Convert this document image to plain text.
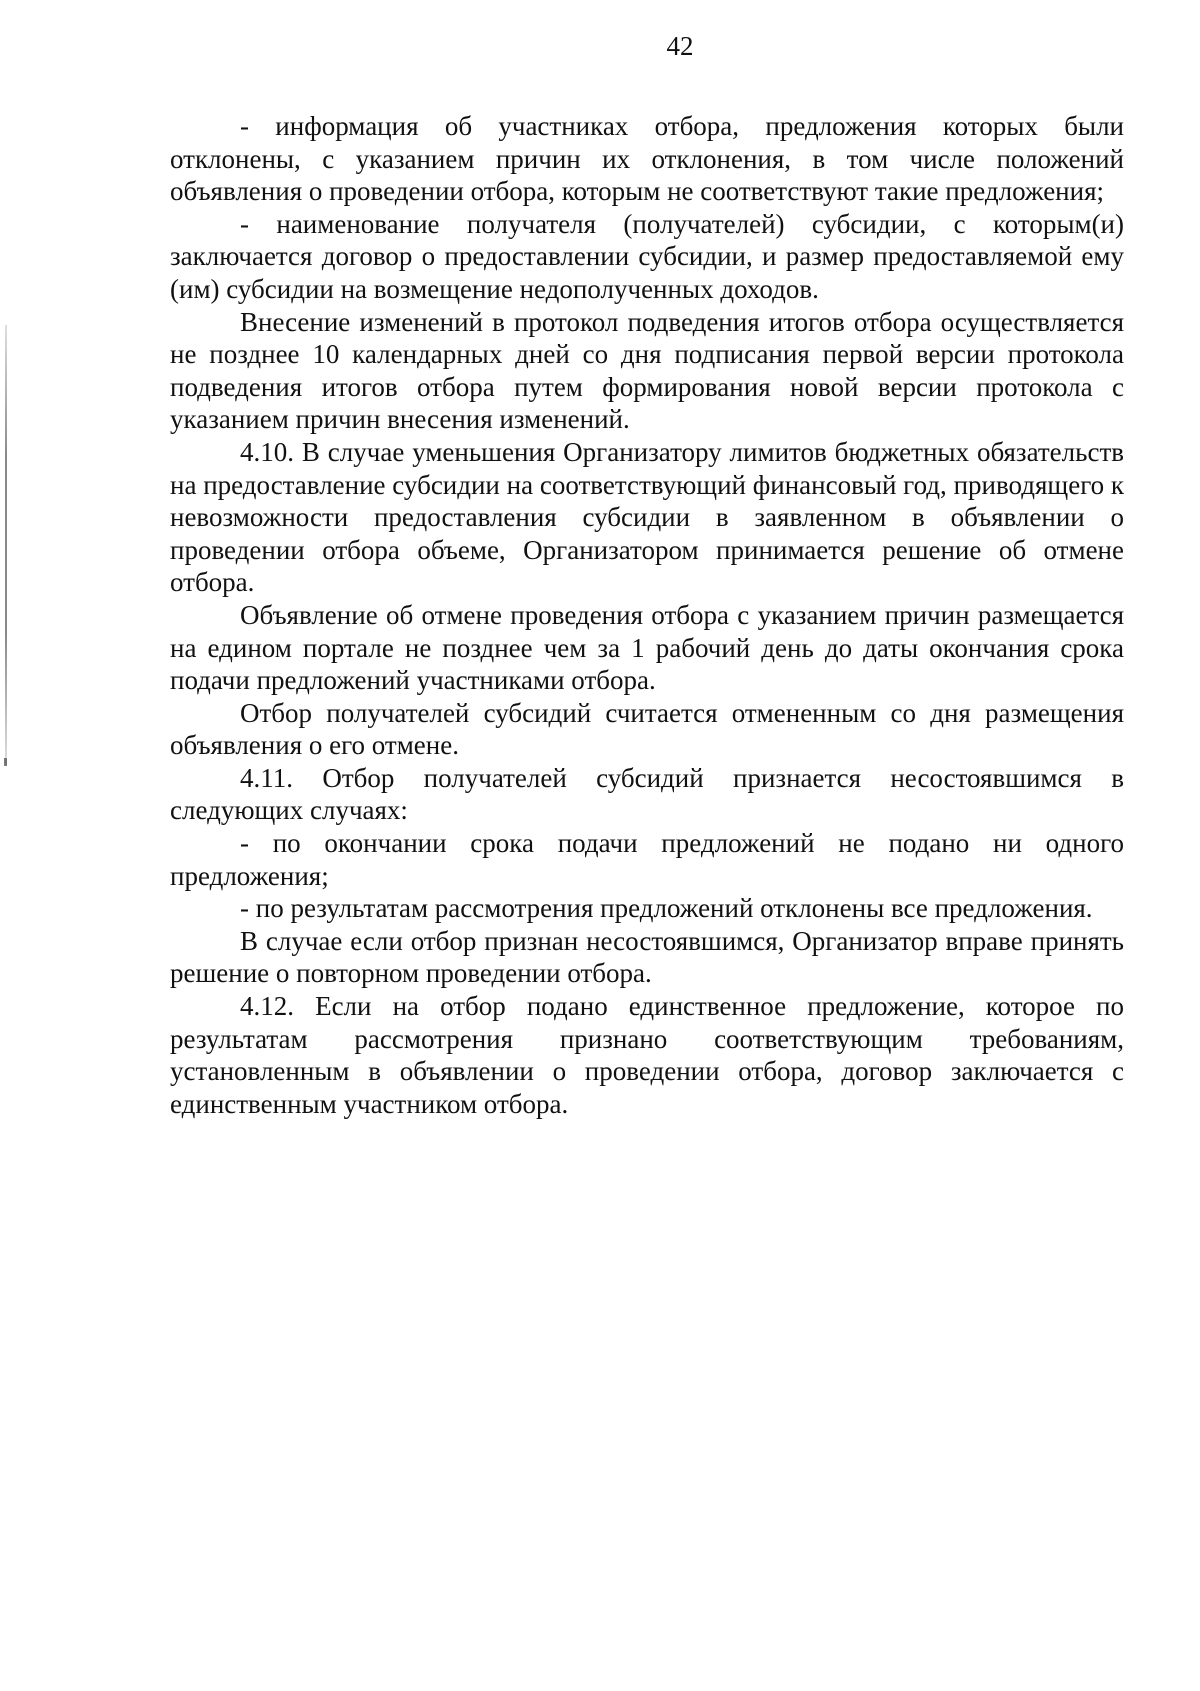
42

- информация об участниках отбора, предложения которых были отклонены, с указанием причин их отклонения, в том числе положений объявления о проведении отбора, которым не соответствуют такие предложения;

- наименование получателя (получателей) субсидии, с которым(и) заключается договор о предоставлении субсидии, и размер предоставляемой ему (им) субсидии на возмещение недополученных доходов.

Внесение изменений в протокол подведения итогов отбора осуществляется не позднее 10 календарных дней со дня подписания первой версии протокола подведения итогов отбора путем формирования новой версии протокола с указанием причин внесения изменений.

4.10. В случае уменьшения Организатору лимитов бюджетных обязательств на предоставление субсидии на соответствующий финансовый год, приводящего к невозможности предоставления субсидии в заявленном в объявлении о проведении отбора объеме, Организатором принимается решение об отмене отбора.

Объявление об отмене проведения отбора с указанием причин размещается на едином портале не позднее чем за 1 рабочий день до даты окончания срока подачи предложений участниками отбора.

Отбор получателей субсидий считается отмененным со дня размещения объявления о его отмене.

4.11. Отбор получателей субсидий признается несостоявшимся в следующих случаях:

- по окончании срока подачи предложений не подано ни одного предложения;

- по результатам рассмотрения предложений отклонены все предложения.

В случае если отбор признан несостоявшимся, Организатор вправе принять решение о повторном проведении отбора.

4.12. Если на отбор подано единственное предложение, которое по результатам рассмотрения признано соответствующим требованиям, установленным в объявлении о проведении отбора, договор заключается с единственным участником отбора.
